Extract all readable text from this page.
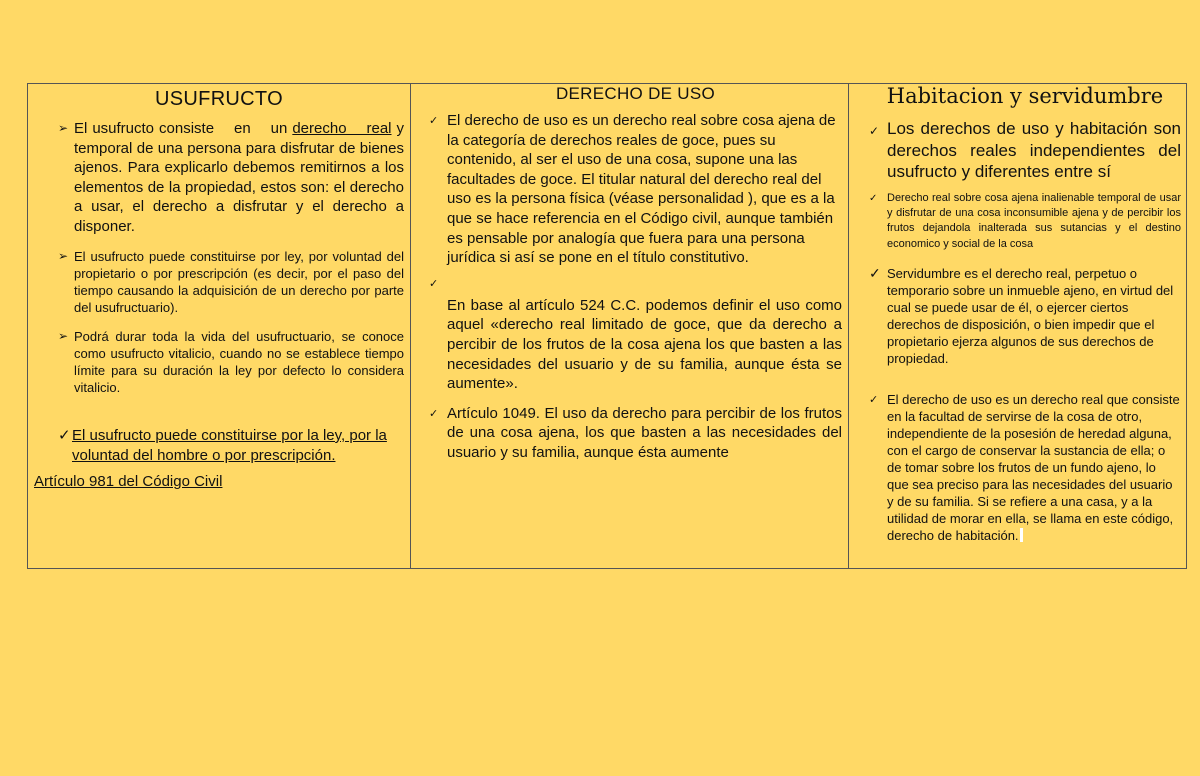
USUFRUCTO
➢ El usufructo consiste    en    un derecho    real y temporal de una persona para disfrutar de bienes ajenos. Para explicarlo debemos remitirnos a los elementos de la propiedad, estos son: el derecho a usar, el derecho a disfrutar y el derecho a disponer.
➢ El usufructo puede constituirse por ley, por voluntad del propietario o por prescripción (es decir, por el paso del tiempo causando la adquisición de un derecho por parte del usufructuario).
➢ Podrá durar toda la vida del usufructuario, se conoce como usufructo vitalicio, cuando no se establece tiempo límite para su duración la ley por defecto lo considera vitalicio.
✓ El usufructo puede constituirse por la ley, por la voluntad del hombre o por prescripción.
Artículo 981 del Código Civil
DERECHO DE USO
✓ El derecho de uso es un derecho real sobre cosa ajena de la categoría de derechos reales de goce, pues su contenido, al ser el uso de una cosa, supone una las facultades de goce. El titular natural del derecho real del uso es la persona física (véase personalidad ), que es a la que se hace referencia en el Código civil, aunque también es pensable por analogía que fuera para una persona jurídica si así se pone en el título constitutivo.
✓
En base al artículo 524 C.C. podemos definir el uso como aquel «derecho real limitado de goce, que da derecho a percibir de los frutos de la cosa ajena los que basten a las necesidades del usuario y de su familia, aunque ésta se aumente».
✓ Artículo 1049. El uso da derecho para percibir de los frutos de una cosa ajena, los que basten a las necesidades del usuario y su familia, aunque ésta aumente
Habitacion y servidumbre
✓ Los derechos de uso y habitación son derechos reales independientes del usufructo y diferentes entre sí
✓ Derecho real sobre cosa ajena inalienable temporal de usar y disfrutar de una cosa inconsumible ajena y de percibir los frutos dejandola inalterada sus sutancias y el destino economico y social de la cosa
✓ Servidumbre es el derecho real, perpetuo o temporario sobre un inmueble ajeno, en virtud del cual se puede usar de él, o ejercer ciertos derechos de disposición, o bien impedir que el propietario ejerza algunos de sus derechos de propiedad.
✓ El derecho de uso es un derecho real que consiste en la facultad de servirse de la cosa de otro, independiente de la posesión de heredad alguna, con el cargo de conservar la sustancia de ella; o de tomar sobre los frutos de un fundo ajeno, lo que sea preciso para las necesidades del usuario y de su familia. Si se refiere a una casa, y a la utilidad de morar en ella, se llama en este código, derecho de habitación.
